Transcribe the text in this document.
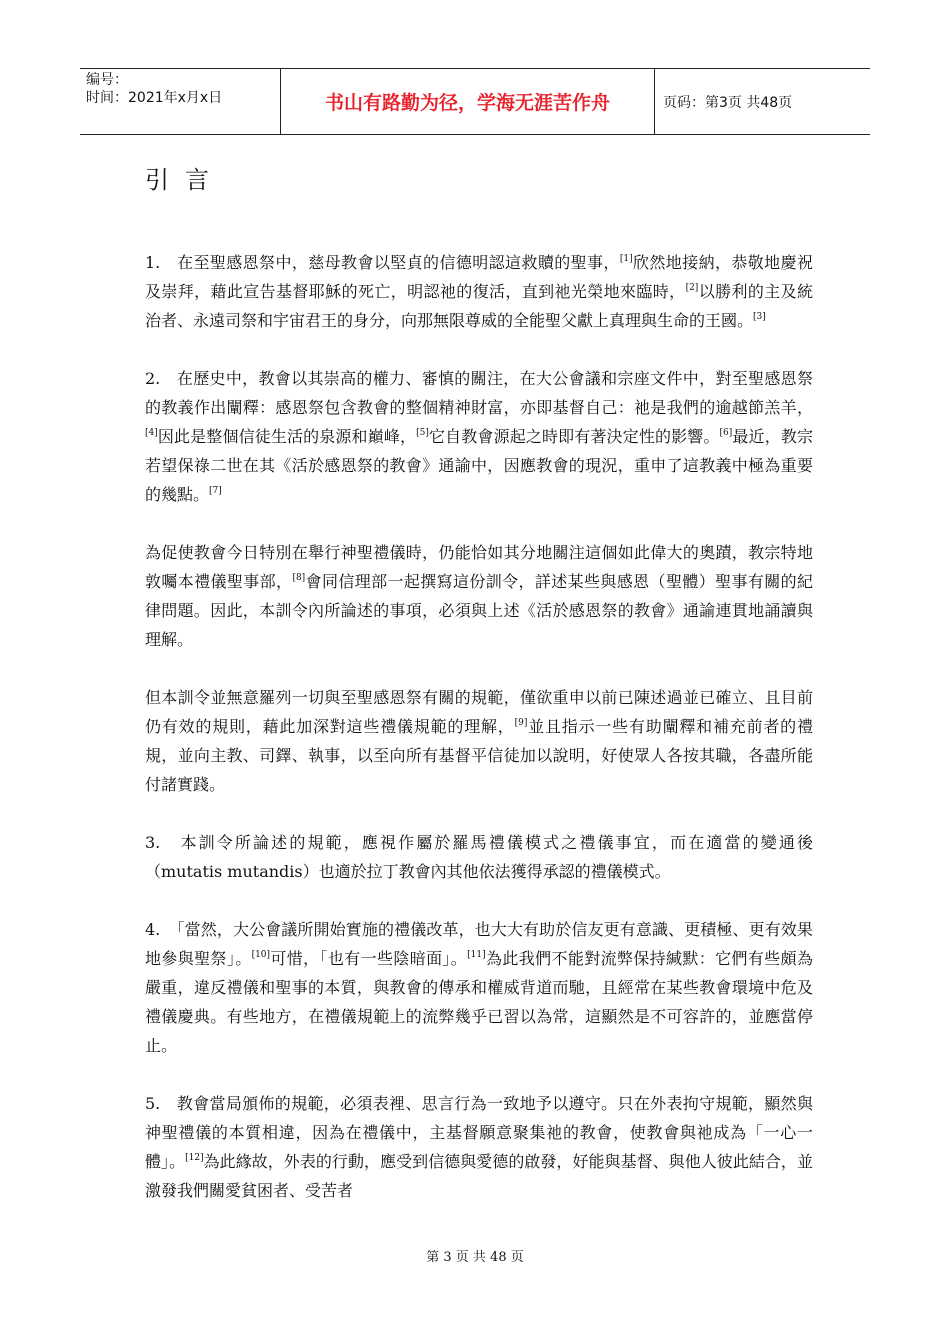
编号：
时间：2021年x月x日	书山有路勤为径，学海无涯苦作舟	页码：第3页 共48页
引言

1.　在至聖感恩祭中，慈母教會以堅貞的信德明認這救贖的聖事，[1]欣然地接納，恭敬地慶祝及崇拜，藉此宣告基督耶穌的死亡，明認祂的復活，直到祂光榮地來臨時，[2]以勝利的主及統治者、永遠司祭和宇宙君王的身分，向那無限尊威的全能聖父獻上真理與生命的王國。[3]

2.　在歷史中，教會以其崇高的權力、審慎的關注，在大公會議和宗座文件中，對至聖感恩祭的教義作出闡釋：感恩祭包含教會的整個精神財富，亦即基督自己：祂是我們的逾越節羔羊，[4]因此是整個信徒生活的泉源和巔峰，[5]它自教會源起之時即有著決定性的影響。[6]最近，教宗若望保祿二世在其《活於感恩祭的教會》通諭中，因應教會的現況，重申了這教義中極為重要的幾點。[7]

為促使教會今日特別在舉行神聖禮儀時，仍能恰如其分地關注這個如此偉大的奧蹟，教宗特地敦囑本禮儀聖事部，[8]會同信理部一起撰寫這份訓令，詳述某些與感恩（聖體）聖事有關的紀律問題。因此，本訓令內所論述的事項，必須與上述《活於感恩祭的教會》通諭連貫地誦讀與理解。

但本訓令並無意羅列一切與至聖感恩祭有關的規範，僅欲重申以前已陳述過並已確立、且目前仍有效的規則，藉此加深對這些禮儀規範的理解，[9]並且指示一些有助闡釋和補充前者的禮規，並向主教、司鐸、執事，以至向所有基督平信徒加以說明，好使眾人各按其職，各盡所能付諸實踐。

3.　本訓令所論述的規範，應視作屬於羅馬禮儀模式之禮儀事宜，而在適當的變通後（mutatis mutandis）也適於拉丁教會內其他依法獲得承認的禮儀模式。

4.　「當然，大公會議所開始實施的禮儀改革，也大大有助於信友更有意識、更積極、更有效果地參與聖祭」。[10]可惜，「也有一些陰暗面」。[11]為此我們不能對流弊保持緘默：它們有些頗為嚴重，違反禮儀和聖事的本質，與教會的傳承和權威背道而馳，且經常在某些教會環境中危及禮儀慶典。有些地方，在禮儀規範上的流弊幾乎已習以為常，這顯然是不可容許的，並應當停止。

5.　教會當局頒佈的規範，必須表裡、思言行為一致地予以遵守。只在外表拘守規範，顯然與神聖禮儀的本質相違，因為在禮儀中，主基督願意聚集祂的教會，使教會與祂成為「一心一體」。[12]為此緣故，外表的行動，應受到信德與愛德的啟發，好能與基督、與他人彼此結合，並激發我們關愛貧困者、受苦者

第 3 页 共 48 页
